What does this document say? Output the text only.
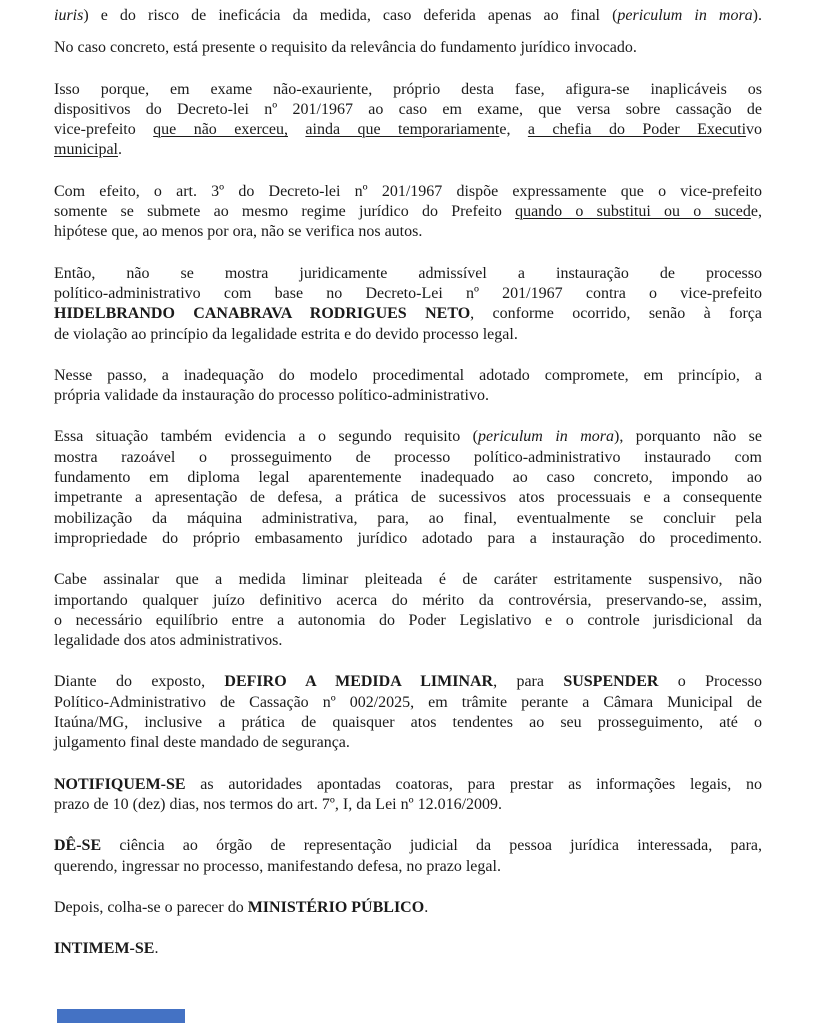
iuris) e do risco de ineficácia da medida, caso deferida apenas ao final (periculum in mora).

No caso concreto, está presente o requisito da relevância do fundamento jurídico invocado.

Isso porque, em exame não-exauriente, próprio desta fase, afigura-se inaplicáveis os
dispositivos do Decreto-lei nº 201/1967 ao caso em exame, que versa sobre cassação de
vice-prefeito que não exerceu, ainda que temporariamente, a chefia do Poder Executivo
municipal.

Com efeito, o art. 3º do Decreto-lei nº 201/1967 dispõe expressamente que o vice-prefeito
somente se submete ao mesmo regime jurídico do Prefeito quando o substitui ou o sucede,
hipótese que, ao menos por ora, não se verifica nos autos.

Então, não se mostra juridicamente admissível a instauração de processo
político-administrativo com base no Decreto-Lei nº 201/1967 contra o vice-prefeito
HIDELBRANDO CANABRAVA RODRIGUES NETO, conforme ocorrido, senão à força
de violação ao princípio da legalidade estrita e do devido processo legal.

Nesse passo, a inadequação do modelo procedimental adotado compromete, em princípio, a
própria validade da instauração do processo político-administrativo.

Essa situação também evidencia a o segundo requisito (periculum in mora), porquanto não se
mostra razoável o prosseguimento de processo político-administrativo instaurado com
fundamento em diploma legal aparentemente inadequado ao caso concreto, impondo ao
impetrante a apresentação de defesa, a prática de sucessivos atos processuais e a consequente
mobilização da máquina administrativa, para, ao final, eventualmente se concluir pela
impropriedade do próprio embasamento jurídico adotado para a instauração do procedimento.

Cabe assinalar que a medida liminar pleiteada é de caráter estritamente suspensivo, não
importando qualquer juízo definitivo acerca do mérito da controvérsia, preservando-se, assim,
o necessário equilíbrio entre a autonomia do Poder Legislativo e o controle jurisdicional da
legalidade dos atos administrativos.

Diante do exposto, DEFIRO A MEDIDA LIMINAR, para SUSPENDER o Processo
Político-Administrativo de Cassação nº 002/2025, em trâmite perante a Câmara Municipal de
Itaúna/MG, inclusive a prática de quaisquer atos tendentes ao seu prosseguimento, até o
julgamento final deste mandado de segurança.

NOTIFIQUEM-SE as autoridades apontadas coatoras, para prestar as informações legais, no
prazo de 10 (dez) dias, nos termos do art. 7º, I, da Lei nº 12.016/2009.

DÊ-SE ciência ao órgão de representação judicial da pessoa jurídica interessada, para,
querendo, ingressar no processo, manifestando defesa, no prazo legal.

Depois, colha-se o parecer do MINISTÉRIO PÚBLICO.

INTIMEM-SE.
